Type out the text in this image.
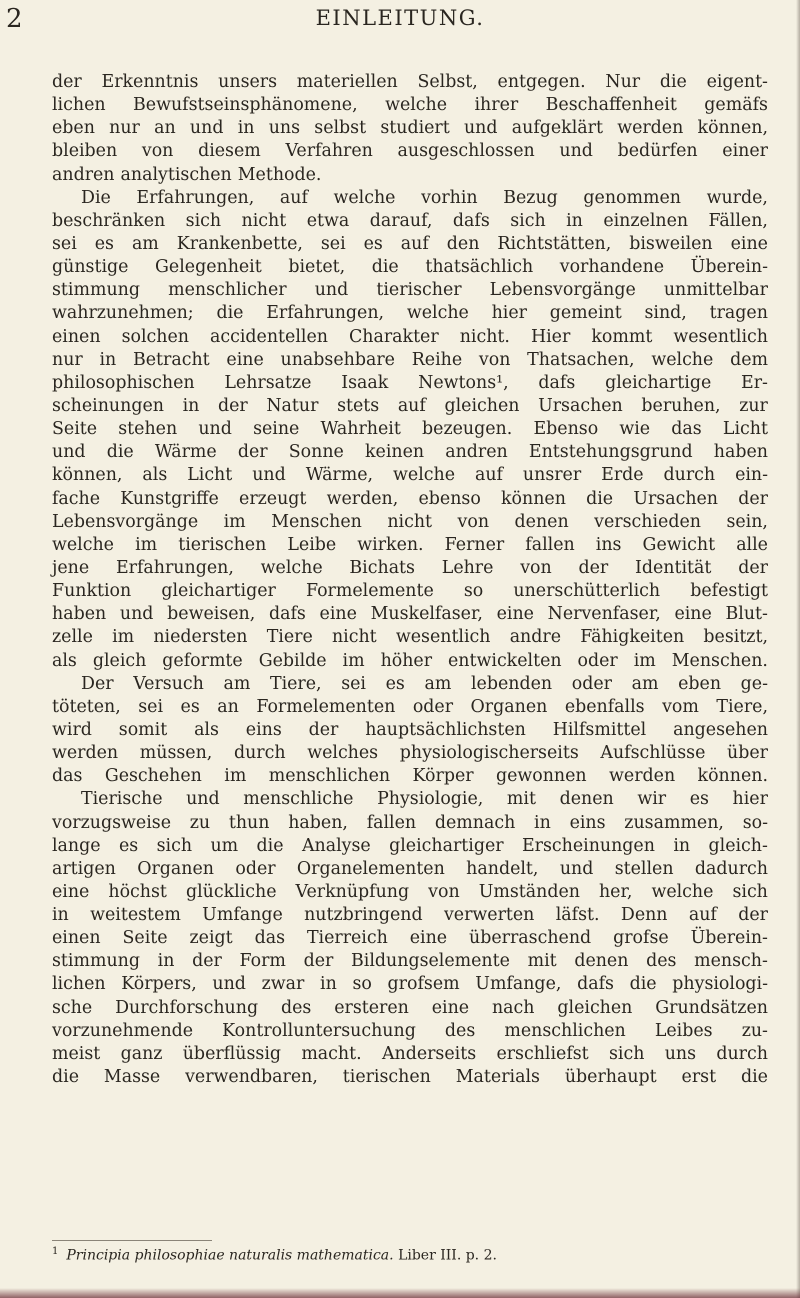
2	EINLEITUNG.
der Erkenntnis unsers materiellen Selbst, entgegen. Nur die eigent-
lichen Bewufstseinsphänomene, welche ihrer Beschaffenheit gemäfs
eben nur an und in uns selbst studiert und aufgeklärt werden können,
bleiben von diesem Verfahren ausgeschlossen und bedürfen einer
andren analytischen Methode.
Die Erfahrungen, auf welche vorhin Bezug genommen wurde,
beschränken sich nicht etwa darauf, dafs sich in einzelnen Fällen,
sei es am Krankenbette, sei es auf den Richtstätten, bisweilen eine
günstige Gelegenheit bietet, die thatsächlich vorhandene Überein-
stimmung menschlicher und tierischer Lebensvorgänge unmittelbar
wahrzunehmen; die Erfahrungen, welche hier gemeint sind, tragen
einen solchen accidentellen Charakter nicht. Hier kommt wesentlich
nur in Betracht eine unabsehbare Reihe von Thatsachen, welche dem
philosophischen Lehrsatze Isaak Newtons¹, dafs gleichartige Er-
scheinungen in der Natur stets auf gleichen Ursachen beruhen, zur
Seite stehen und seine Wahrheit bezeugen. Ebenso wie das Licht
und die Wärme der Sonne keinen andren Entstehungsgrund haben
können, als Licht und Wärme, welche auf unsrer Erde durch ein-
fache Kunstgriffe erzeugt werden, ebenso können die Ursachen der
Lebensvorgänge im Menschen nicht von denen verschieden sein,
welche im tierischen Leibe wirken. Ferner fallen ins Gewicht alle
jene Erfahrungen, welche Bichats Lehre von der Identität der
Funktion gleichartiger Formelemente so unerschütterlich befestigt
haben und beweisen, dafs eine Muskelfaser, eine Nervenfaser, eine Blut-
zelle im niedersten Tiere nicht wesentlich andre Fähigkeiten besitzt,
als gleich geformte Gebilde im höher entwickelten oder im Menschen.
Der Versuch am Tiere, sei es am lebenden oder am eben ge-
töteten, sei es an Formelementen oder Organen ebenfalls vom Tiere,
wird somit als eins der hauptsächlichsten Hilfsmittel angesehen
werden müssen, durch welches physiologischerseits Aufschlüsse über
das Geschehen im menschlichen Körper gewonnen werden können.
Tierische und menschliche Physiologie, mit denen wir es hier
vorzugsweise zu thun haben, fallen demnach in eins zusammen, so-
lange es sich um die Analyse gleichartiger Erscheinungen in gleich-
artigen Organen oder Organelementen handelt, und stellen dadurch
eine höchst glückliche Verknüpfung von Umständen her, welche sich
in weitestem Umfange nutzbringend verwerten läfst. Denn auf der
einen Seite zeigt das Tierreich eine überraschend grofse Überein-
stimmung in der Form der Bildungselemente mit denen des mensch-
lichen Körpers, und zwar in so grofsem Umfange, dafs die physiologi-
sche Durchforschung des ersteren eine nach gleichen Grundsätzen
vorzunehmende Kontrolluntersuchung des menschlichen Leibes zu-
meist ganz überflüssig macht. Anderseits erschliefst sich uns durch
die Masse verwendbaren, tierischen Materials überhaupt erst die
$^1$ Principia philosophiae naturalis mathematica. Liber III. p. 2.
